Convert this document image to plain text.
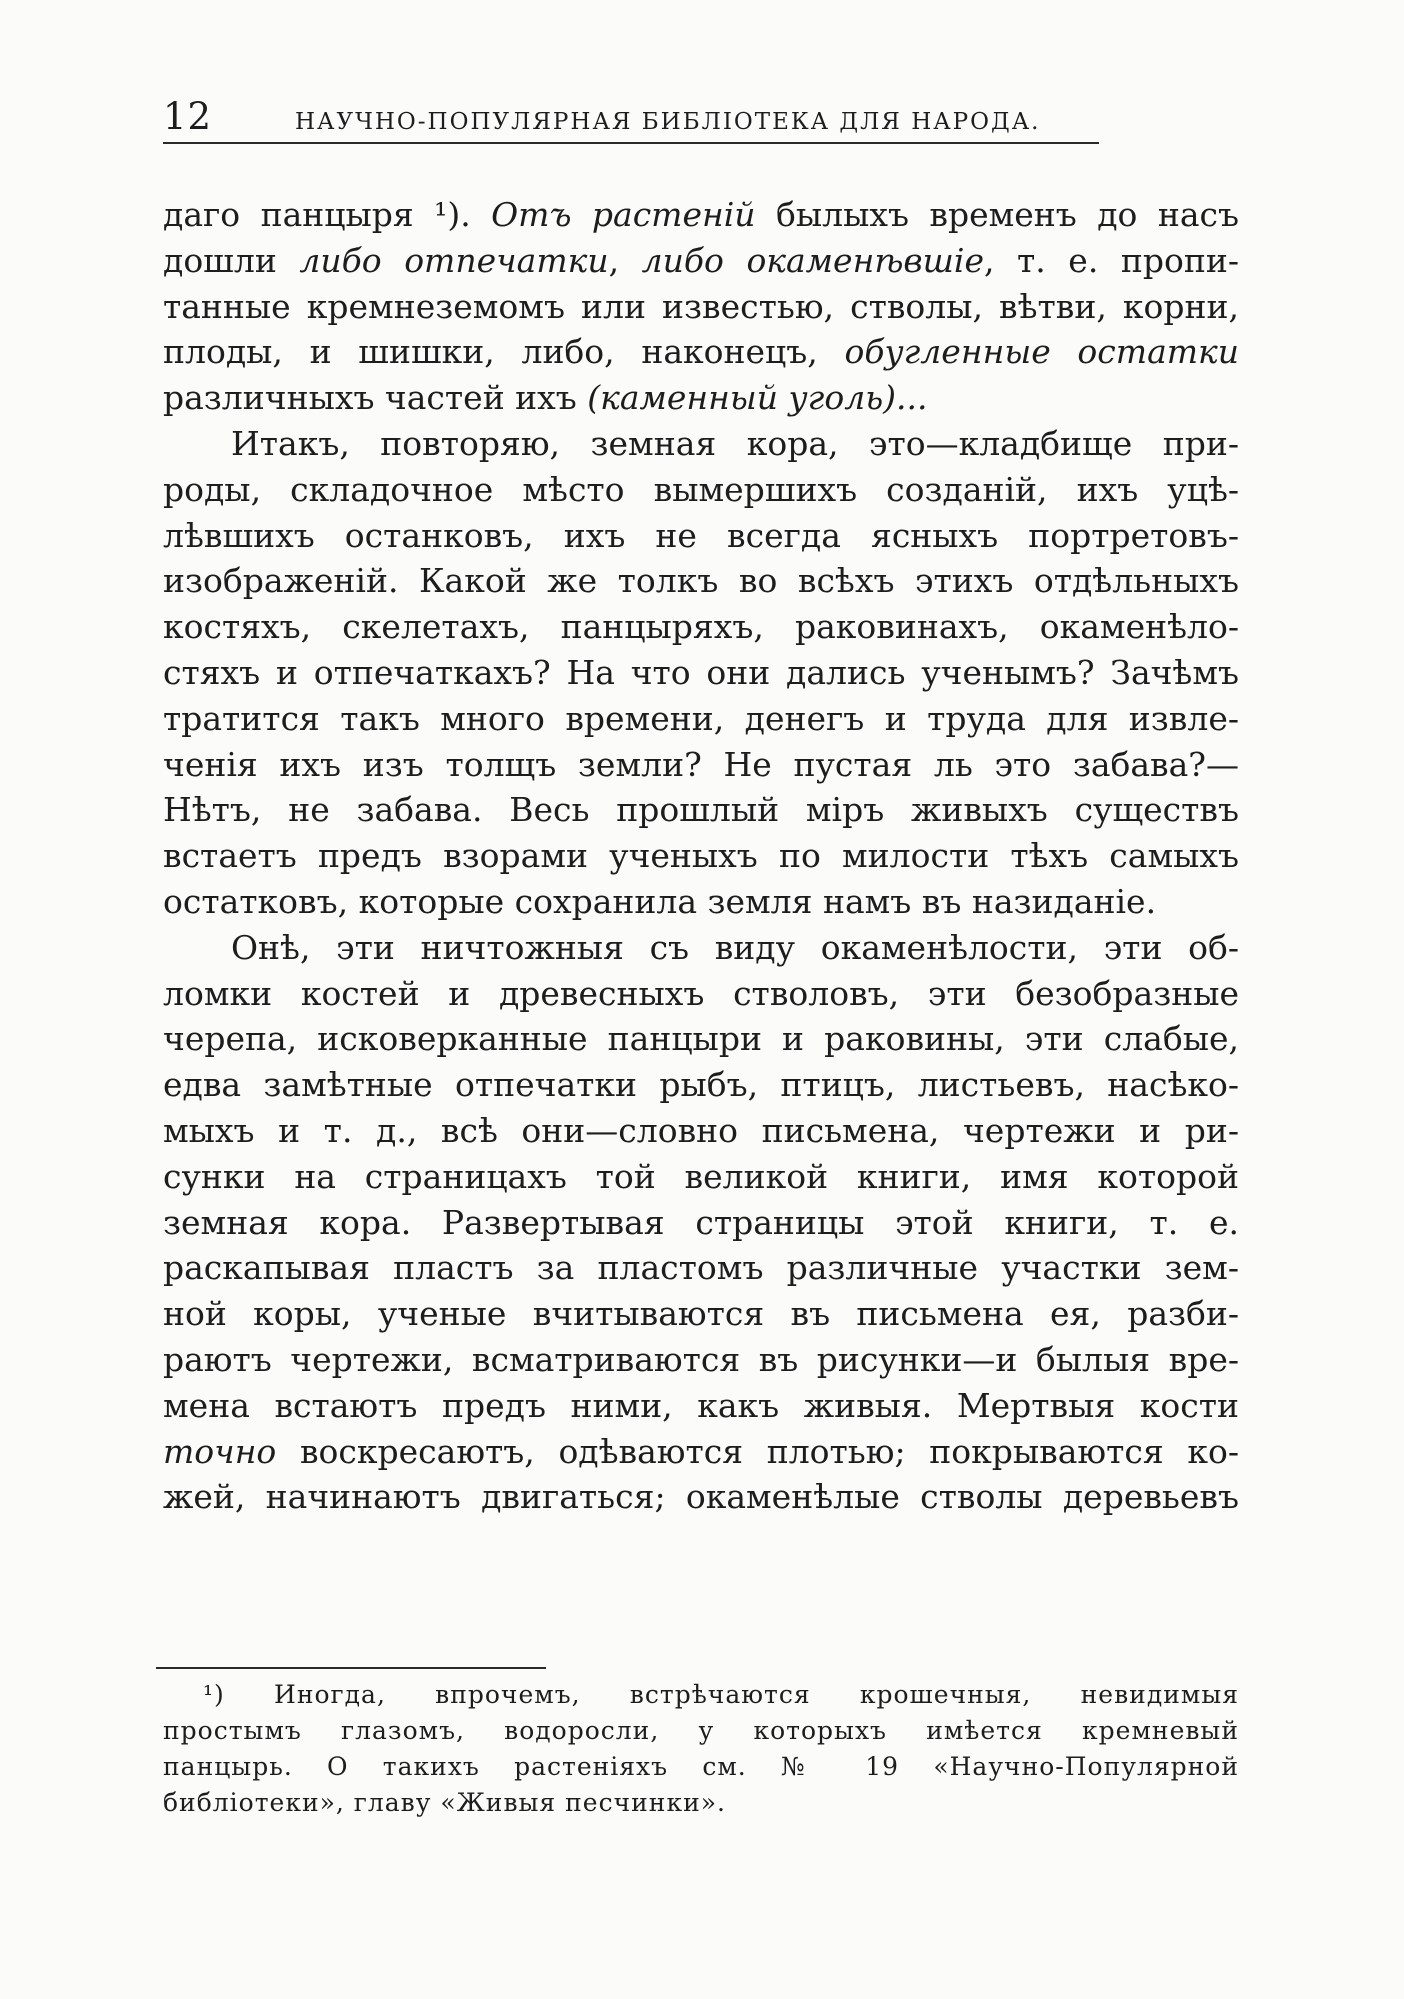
12	НАУЧНО-ПОПУЛЯРНАЯ БИБЛІОТЕКА ДЛЯ НАРОДА.
даго панцыря ¹). Отъ растеній былыхъ временъ до насъ
дошли либо отпечатки, либо окаменѣвшіе, т. е. пропи-
танные кремнеземомъ или известью, стволы, вѣтви, корни,
плоды, и шишки, либо, наконецъ, обугленные остатки
различныхъ частей ихъ (каменный уголь)...
Итакъ, повторяю, земная кора, это—кладбище при-
роды, складочное мѣсто вымершихъ созданій, ихъ уцѣ-
лѣвшихъ останковъ, ихъ не всегда ясныхъ портретовъ-
изображеній. Какой же толкъ во всѣхъ этихъ отдѣльныхъ
костяхъ, скелетахъ, панцыряхъ, раковинахъ, окаменѣло-
стяхъ и отпечаткахъ? На что они дались ученымъ? Зачѣмъ
тратится такъ много времени, денегъ и труда для извле-
ченія ихъ изъ толщъ земли? Не пустая ль это забава?—
Нѣтъ, не забава. Весь прошлый міръ живыхъ существъ
встаетъ предъ взорами ученыхъ по милости тѣхъ самыхъ
остатковъ, которые сохранила земля намъ въ назиданіе.
Онѣ, эти ничтожныя съ виду окаменѣлости, эти об-
ломки костей и древесныхъ стволовъ, эти безобразные
черепа, исковерканные панцыри и раковины, эти слабые,
едва замѣтные отпечатки рыбъ, птицъ, листьевъ, насѣко-
мыхъ и т. д., всѣ они—словно письмена, чертежи и ри-
сунки на страницахъ той великой книги, имя которой
земная кора. Развертывая страницы этой книги, т. е.
раскапывая пластъ за пластомъ различные участки зем-
ной коры, ученые вчитываются въ письмена ея, разби-
раютъ чертежи, всматриваются въ рисунки—и былыя вре-
мена встаютъ предъ ними, какъ живыя. Мертвыя кости
точно воскресаютъ, одѣваются плотью; покрываются ко-
жей, начинаютъ двигаться; окаменѣлые стволы деревьевъ
¹) Иногда, впрочемъ, встрѣчаются крошечныя, невидимыя
простымъ глазомъ, водоросли, у которыхъ имѣется кремневый
панцырь. О такихъ растеніяхъ см. № 19 «Научно-Популярной
библіотеки», главу «Живыя песчинки».
